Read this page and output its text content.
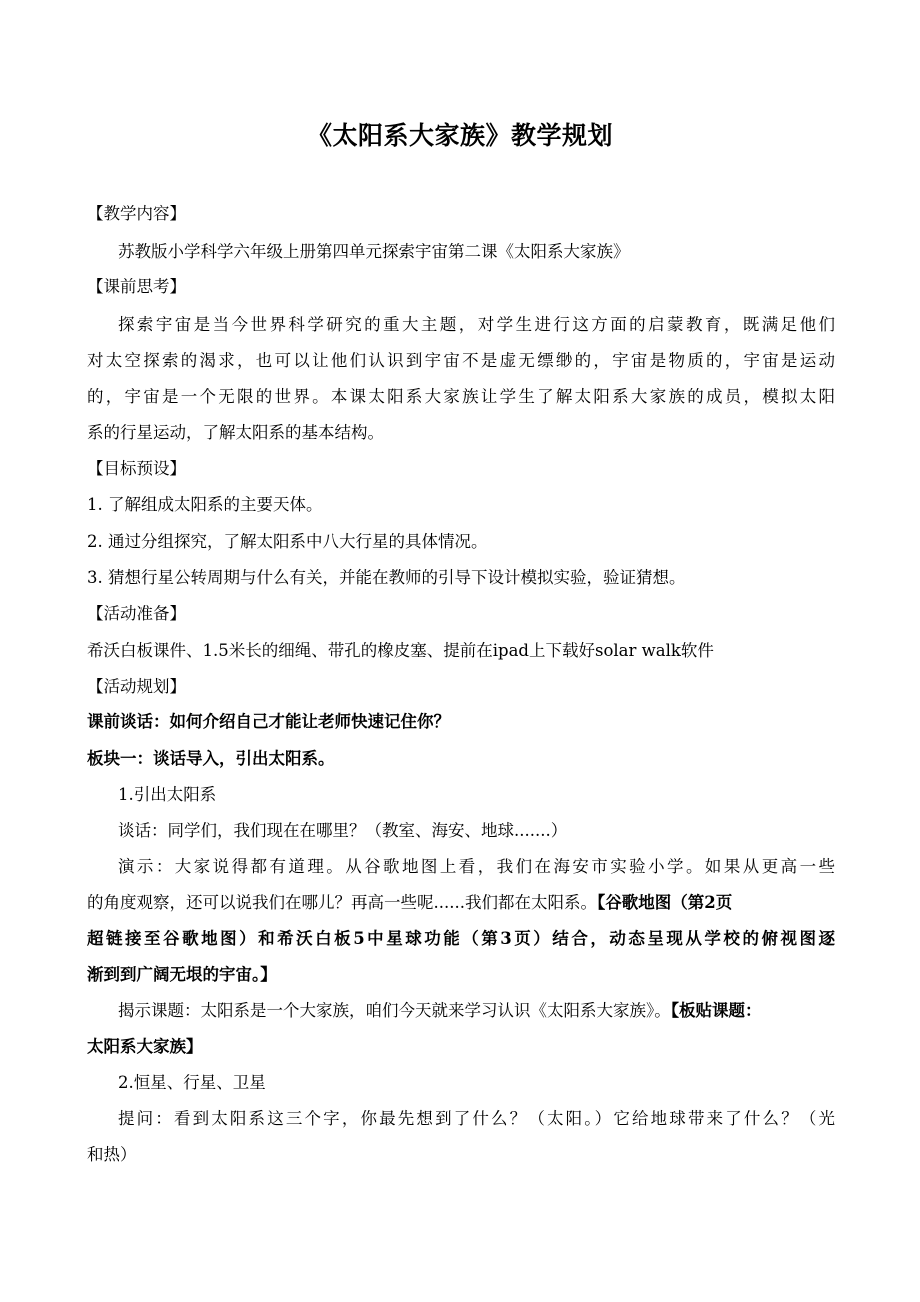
《太阳系大家族》教学规划
【教学内容】
苏教版小学科学六年级上册第四单元探索宇宙第二课《太阳系大家族》
【课前思考】
探索宇宙是当今世界科学研究的重大主题，对学生进行这方面的启蒙教育，既满足他们
对太空探索的渴求，也可以让他们认识到宇宙不是虚无缥缈的，宇宙是物质的，宇宙是运动
的，宇宙是一个无限的世界。本课太阳系大家族让学生了解太阳系大家族的成员，模拟太阳
系的行星运动，了解太阳系的基本结构。
【目标预设】
1. 了解组成太阳系的主要天体。
2. 通过分组探究，了解太阳系中八大行星的具体情况。
3. 猜想行星公转周期与什么有关，并能在教师的引导下设计模拟实验，验证猜想。
【活动准备】
希沃白板课件、1.5米长的细绳、带孔的橡皮塞、提前在ipad上下载好solar walk软件
【活动规划】
课前谈话：如何介绍自己才能让老师快速记住你？
板块一：谈话导入，引出太阳系。
1.引出太阳系
谈话：同学们，我们现在在哪里？（教室、海安、地球.......）
演示：大家说得都有道理。从谷歌地图上看，我们在海安市实验小学。如果从更高一些
的角度观察，还可以说我们在哪儿？再高一些呢......我们都在太阳系。【谷歌地图（第2页
超链接至谷歌地图）和希沃白板5中星球功能（第3页）结合，动态呈现从学校的俯视图逐
渐到到广阔无垠的宇宙。】
揭示课题：太阳系是一个大家族，咱们今天就来学习认识《太阳系大家族》。【板贴课题：
太阳系大家族】
2.恒星、行星、卫星
提问：看到太阳系这三个字，你最先想到了什么？（太阳。）它给地球带来了什么？（光
和热）
